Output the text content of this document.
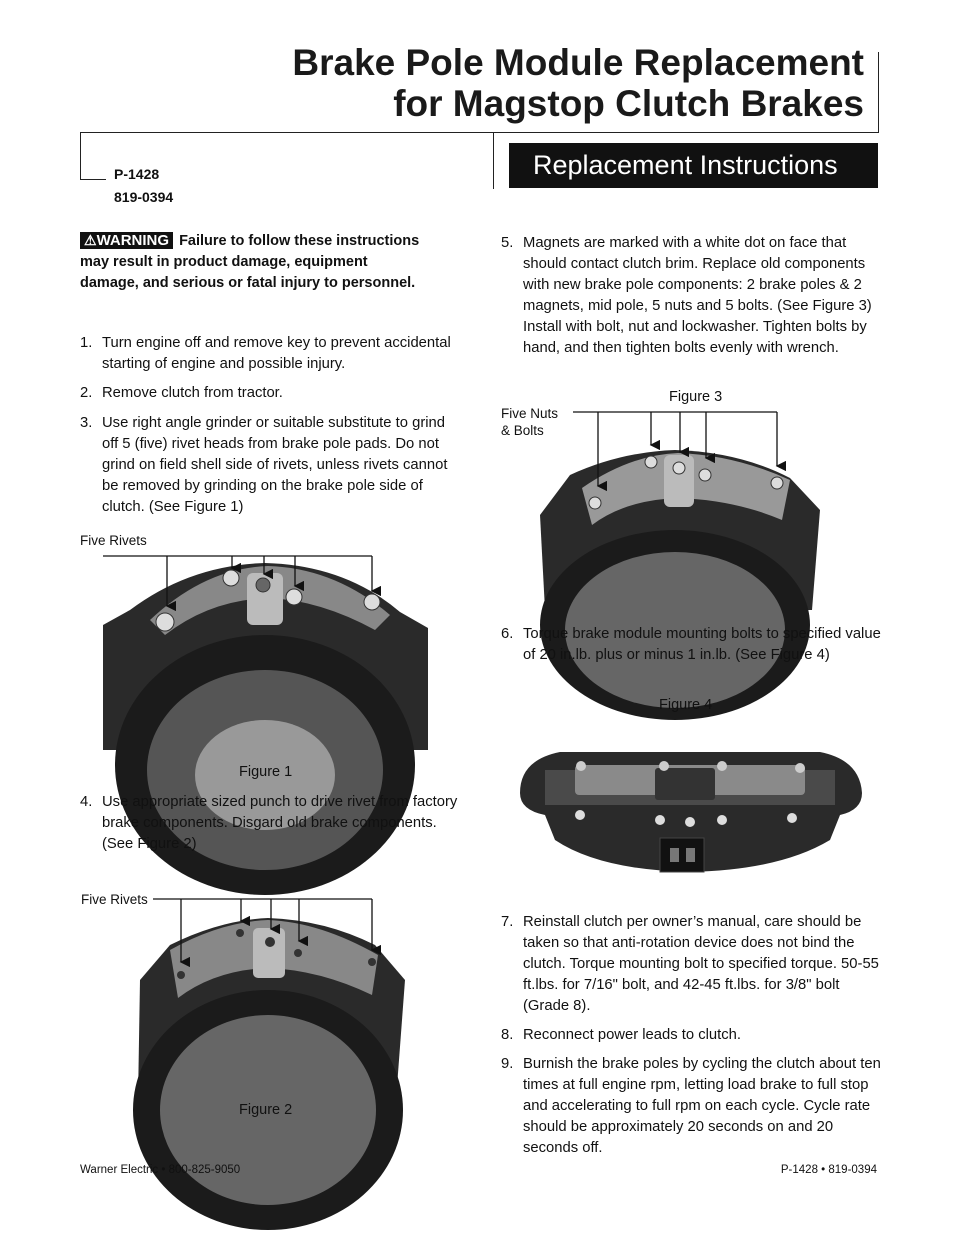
Brake Pole Module Replacement
for Magstop Clutch Brakes
P-1428
819-0394
Replacement Instructions
⚠WARNING Failure to follow these instructions may result in product damage, equipment damage, and serious or fatal injury to personnel.
1. Turn engine off and remove key to prevent accidental starting of engine and possible injury.
2. Remove clutch from tractor.
3. Use right angle grinder or suitable substitute to grind off 5 (five) rivet heads from brake pole pads. Do not grind on field shell side of rivets, unless rivets cannot be removed by grinding on the brake pole side of clutch. (See Figure 1)
Five Rivets
Figure 1
4. Use appropriate sized punch to drive rivet from factory brake components. Disgard old brake components. (See Figure 2)
Five Rivets
Figure 2
5. Magnets are marked with a white dot on face that should contact clutch brim. Replace old components with new brake pole components: 2 brake poles & 2 magnets, mid pole, 5 nuts and 5 bolts. (See Figure 3) Install with bolt, nut and lockwasher. Tighten bolts by hand, and then tighten bolts evenly with wrench.
Figure 3
Five Nuts
& Bolts
6. Torque brake module mounting bolts to specified value of 20 in.lb. plus or minus 1 in.lb. (See Figure 4)
Figure 4
7. Reinstall clutch per owner’s manual, care should be taken so that anti-rotation device does not bind the clutch. Torque mounting bolt to specified torque. 50-55 ft.lbs. for 7/16" bolt, and 42-45 ft.lbs. for 3/8" bolt (Grade 8).
8. Reconnect power leads to clutch.
9. Burnish the brake poles by cycling the clutch about ten times at full engine rpm, letting load brake to full stop and accelerating to full rpm on each cycle. Cycle rate should be approximately 20 seconds on and 20 seconds off.
Warner Electric • 800-825-9050	P-1428 • 819-0394
